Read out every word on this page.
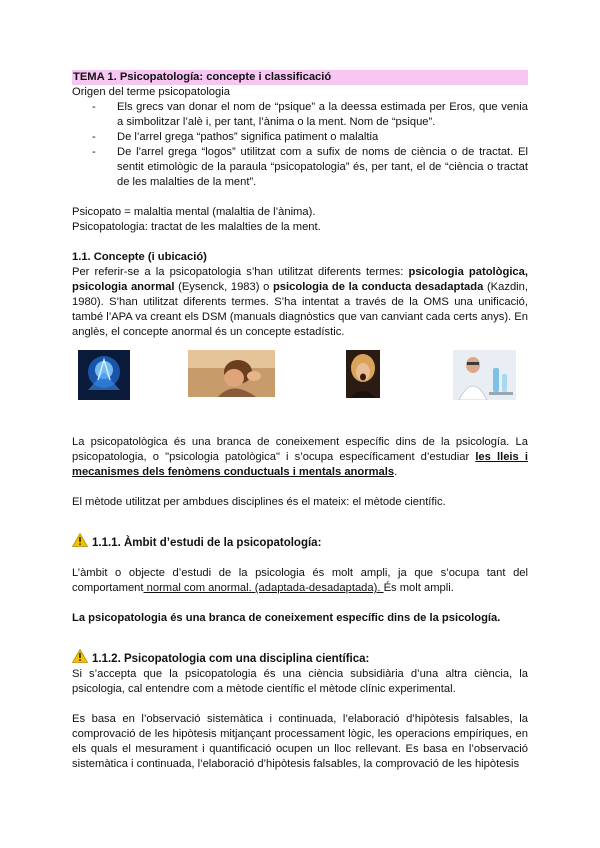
TEMA 1. Psicopatología: concepte i classificació
Origen del terme psicopatologia
- Els grecs van donar el nom de “psique” a la deessa estimada per Eros, que venia a simbolitzar l’alè i, per tant, l’ànima o la ment. Nom de “psique”.
- De l’arrel grega “pathos” significa patiment o malaltia
- De l’arrel grega “logos” utilitzat com a sufix de noms de ciència o de tractat. El sentit etimològic de la paraula “psicopatologia” és, per tant, el de “ciència o tractat de les malalties de la ment”.
Psicopato = malaltia mental (malaltia de l’ànima).
Psicopatologia: tractat de les malalties de la ment.
1.1. Concepte (i ubicació)

Per referir-se a la psicopatologia s’han utilitzat diferents termes: psicologia patològica, psicologia anormal (Eysenck, 1983) o psicologia de la conducta desadaptada (Kazdin, 1980). S’han utilitzat diferents termes. S’ha intentat a través de la OMS una unificació, també l’APA va creant els DSM (manuals diagnòstics que van canviant cada certs anys). En anglès, el concepte anormal és un concepte estadístic.

La psicopatològica és una branca de coneixement específic dins de la psicología. La psicopatologia, o "psicologia patològica" i s’ocupa específicament d’estudiar les lleis i mecanismes dels fenòmens conductuals i mentals anormals.

El mètode utilitzat per ambdues disciplines és el mateix: el mètode científic.
1.1.1. Àmbit d’estudi de la psicopatología:

L’àmbit o objecte d’estudi de la psicologia és molt ampli, ja que s’ocupa tant del comportament normal com anormal. (adaptada-desadaptada). És molt ampli.

La psicopatologia és una branca de coneixement específic dins de la psicología.
1.1.2. Psicopatologia com una disciplina científica:

Si s’accepta que la psicopatologia és una ciència subsidiària d’una altra ciència, la psicologia, cal entendre com a mètode científic el mètode clínic experimental.

Es basa en l’observació sistemàtica i continuada, l’elaboració d’hipòtesis falsables, la comprovació de les hipòtesis mitjançant processament lògic, les operacions empíriques, en els quals el mesurament i quantificació ocupen un lloc rellevant. Es basa en l’observació sistemàtica i continuada, l’elaboració d’hipòtesis falsables, la comprovació de les hipòtesis
